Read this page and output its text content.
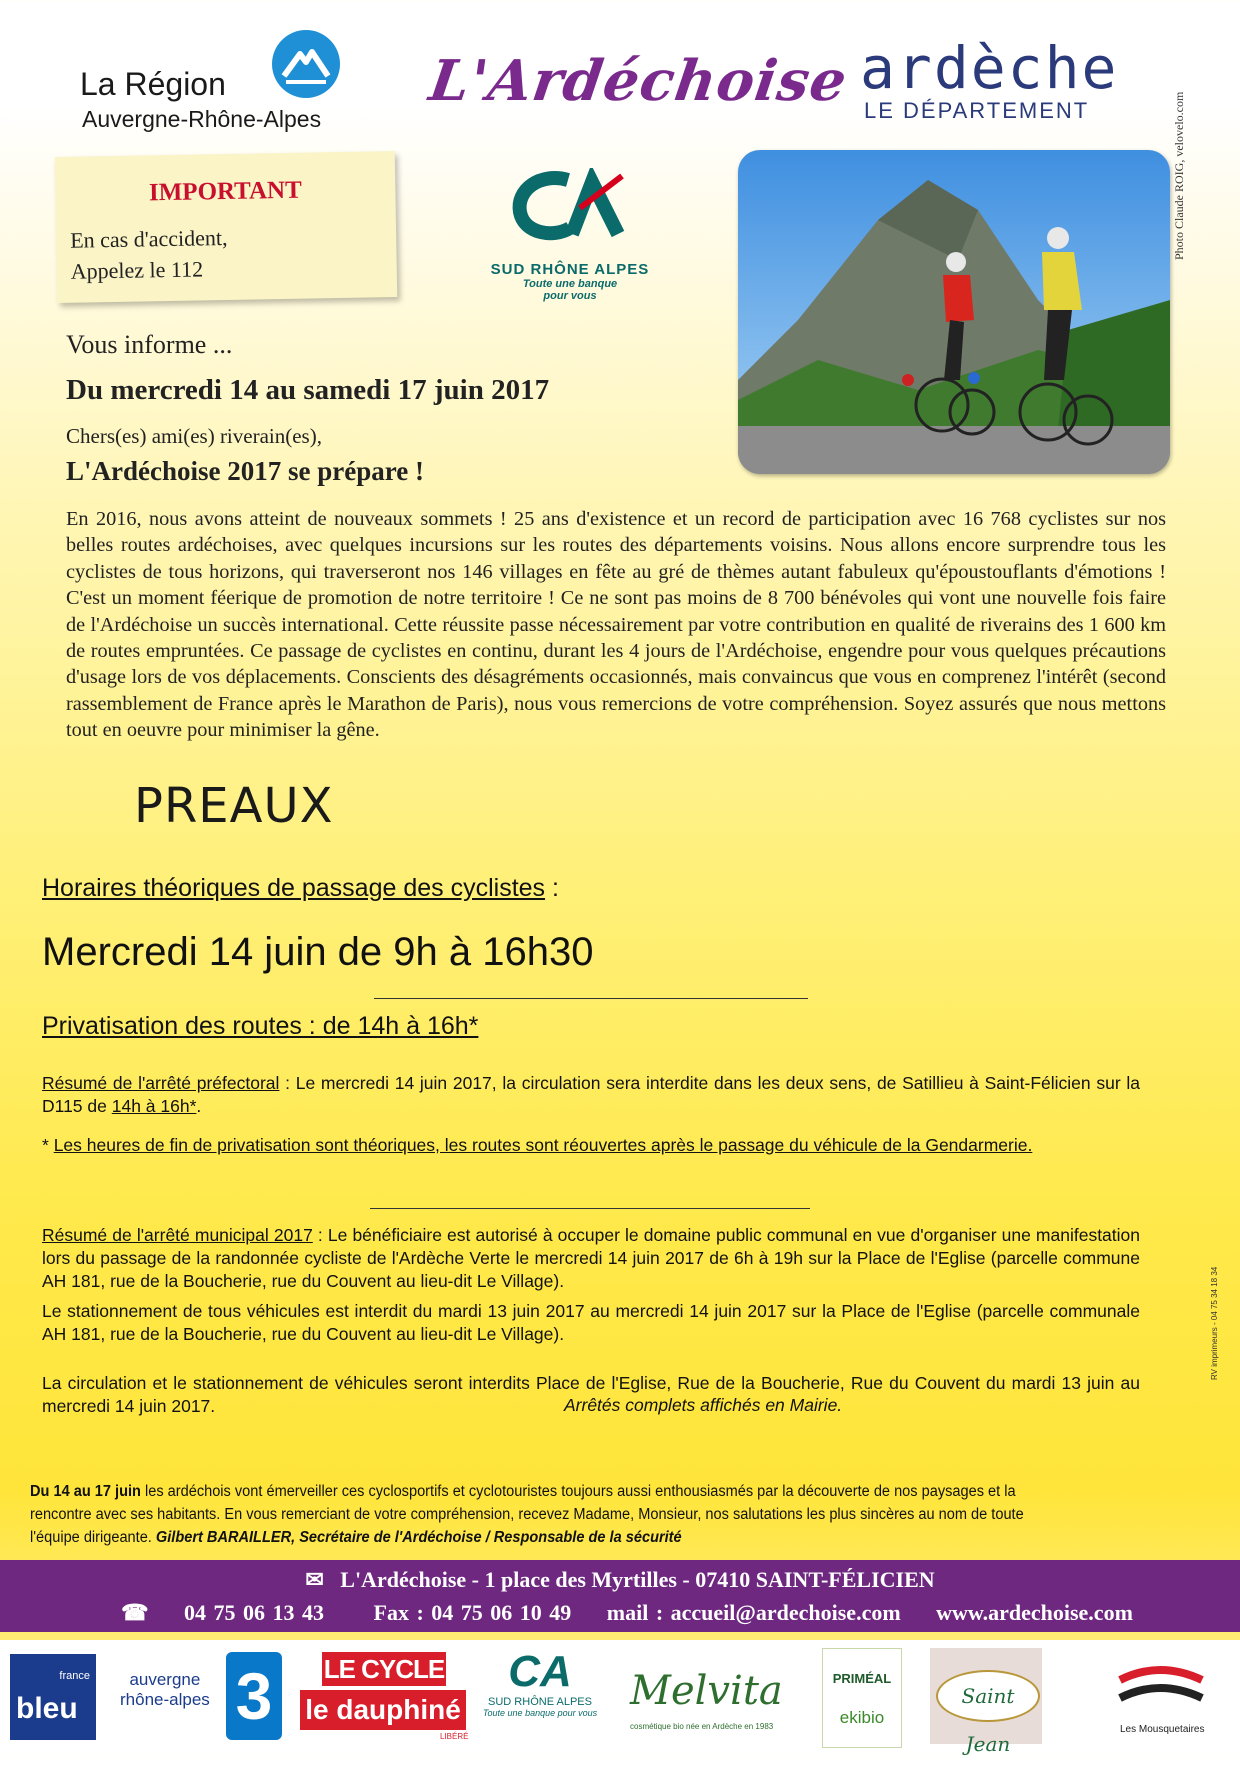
La Région
Auvergne-Rhône-Alpes
L'Ardéchoise ardèche
LE DÉPARTEMENT
IMPORTANT
En cas d'accident,
Appelez le 112	SUD RHÔNE ALPES
Toute une banque
pour vous
Photo Claude ROIG, velovelo.com
Vous informe ...
Du mercredi 14 au samedi 17 juin 2017
Chers(es) ami(es) riverain(es),
L'Ardéchoise 2017 se prépare !
En 2016, nous avons atteint de nouveaux sommets ! 25 ans d'existence et un record de participation avec 16 768 cyclistes sur nos belles routes ardéchoises, avec quelques incursions sur les routes des départements voisins. Nous allons encore surprendre tous les cyclistes de tous horizons, qui traverseront nos 146 villages en fête au gré de thèmes autant fabuleux qu'époustouflants d'émotions ! C'est un moment féerique de promotion de notre territoire ! Ce ne sont pas moins de 8 700 bénévoles qui vont une nouvelle fois faire de l'Ardéchoise un succès international. Cette réussite passe nécessairement par votre contribution en qualité de riverains des 1 600 km de routes empruntées. Ce passage de cyclistes en continu, durant les 4 jours de l'Ardéchoise, engendre pour vous quelques précautions d'usage lors de vos déplacements. Conscients des désagréments occasionnés, mais convaincus que vous en comprenez l'intérêt (second rassemblement de France après le Marathon de Paris), nous vous remercions de votre compréhension. Soyez assurés que nous mettons tout en oeuvre pour minimiser la gêne.
PREAUX
Horaires théoriques de passage des cyclistes :
Mercredi 14 juin de 9h à 16h30
Privatisation des routes : de 14h à 16h*
Résumé de l'arrêté préfectoral : Le mercredi 14 juin 2017, la circulation sera interdite dans les deux sens, de Satillieu à Saint-Félicien sur la D115 de 14h à 16h*.
* Les heures de fin de privatisation sont théoriques, les routes sont réouvertes après le passage du véhicule de la Gendarmerie.
Résumé de l'arrêté municipal 2017 : Le bénéficiaire est autorisé à occuper le domaine public communal en vue d'organiser une manifestation lors du passage de la randonnée cycliste de l'Ardèche Verte le mercredi 14 juin 2017 de 6h à 19h sur la Place de l'Eglise (parcelle commune AH 181, rue de la Boucherie, rue du Couvent au lieu-dit Le Village).
Le stationnement de tous véhicules est interdit du mardi 13 juin 2017 au mercredi 14 juin 2017 sur la Place de l'Eglise (parcelle communale AH 181, rue de la Boucherie, rue du Couvent au lieu-dit Le Village).
La circulation et le stationnement de véhicules seront interdits Place de l'Eglise, Rue de la Boucherie, Rue du Couvent du mardi 13 juin au mercredi 14 juin 2017.	Arrêtés complets affichés en Mairie.
Du 14 au 17 juin les ardéchois vont émerveiller ces cyclosportifs et cyclotouristes toujours aussi enthousiasmés par la découverte de nos paysages et la rencontre avec ses habitants. En vous remerciant de votre compréhension, recevez Madame, Monsieur, nos salutations les plus sincères au nom de toute l'équipe dirigeante. Gilbert BARAILLER, Secrétaire de l'Ardéchoise / Responsable de la sécurité
RV imprimeurs - 04 75 34 18 34
✉ L'Ardéchoise - 1 place des Myrtilles - 07410 SAINT-FÉLICIEN
☎ 04 75 06 13 43 Fax : 04 75 06 10 49 mail : accueil@ardechoise.com www.ardechoise.com
france
bleu
auvergne
rhône-alpes 3	LE CYCLE
le dauphiné
LIBÉRÉ
CA
SUD RHÔNE ALPES
Toute une banque pour vous Melvita
cosmétique bio née en Ardèche en 1983
PRIMÉAL
ekibio
Saint Jean
Les Mousquetaires
